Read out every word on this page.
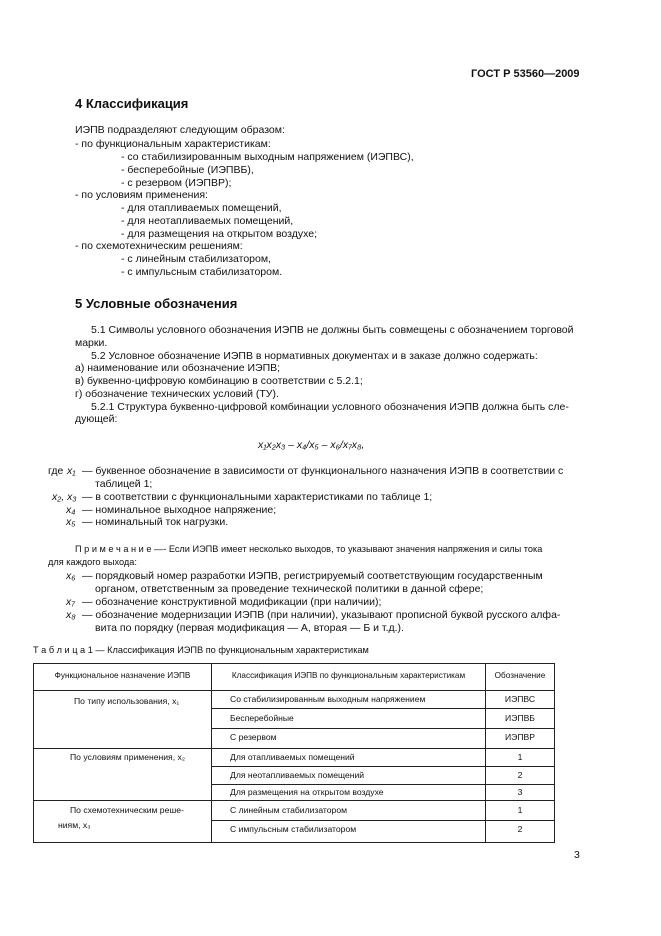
ГОСТ Р 53560—2009
4 Классификация
ИЭПВ подразделяют следующим образом:
- по функциональным характеристикам:
- со стабилизированным выходным напряжением (ИЭПВС),
- бесперебойные (ИЭПВБ),
- с резервом (ИЭПВР);
- по условиям применения:
- для отапливаемых помещений,
- для неотапливаемых помещений,
- для размещения на открытом воздухе;
- по схемотехническим решениям:
- с линейным стабилизатором,
- с импульсным стабилизатором.
5 Условные обозначения
5.1 Символы условного обозначения ИЭПВ не должны быть совмещены с обозначением торговой
марки.
5.2 Условное обозначение ИЭПВ в нормативных документах и в заказе должно содержать:
а) наименование или обозначение ИЭПВ;
в) буквенно-цифровую комбинацию в соответствии с 5.2.1;
г) обозначение технических условий (ТУ).
5.2.1 Структура буквенно-цифровой комбинации условного обозначения ИЭПВ должна быть сле-
дующей:
x₁x₂x₃ – x₄/x₅ – x₆/x₇x₈,
где x₁ — буквенное обозначение в зависимости от функционального назначения ИЭПВ в соответствии с
таблицей 1;
x₂, x₃ — в соответствии с функциональными характеристиками по таблице 1;
x₄ — номинальное выходное напряжение;
x₅ — номинальный ток нагрузки.
П р и м е ч а н и е —- Если ИЭПВ имеет несколько выходов, то указывают значения напряжения и силы тока
для каждого выхода:
x₆ — порядковый номер разработки ИЭПВ, регистрируемый соответствующим государственным
органом, ответственным за проведение технической политики в данной сфере;
x₇ — обозначение конструктивной модификации (при наличии);
x₈ — обозначение модернизации ИЭПВ (при наличии), указывают прописной буквой русского алфа-
вита по порядку (первая модификация — А, вторая — Б и т.д.).
Т а б л и ц а 1 — Классификация ИЭПВ по функциональным характеристикам
Функциональное назначение ИЭПВ	Классификация ИЭПВ по функциональным характеристикам	Обозначение
По типу использования, x₁	Со стабилизированным выходным напряжением	ИЭПВС
Бесперебойные	ИЭПВБ
С резервом	ИЭПВР
По условиям применения, x₂	Для отапливаемых помещений	1
Для неотапливаемых помещений	2
Для размещения на открытом воздухе	3
По схемотехническим реше-
ниям, x₃
С линейным стабилизатором	1
С импульсным стабилизатором	2
3
